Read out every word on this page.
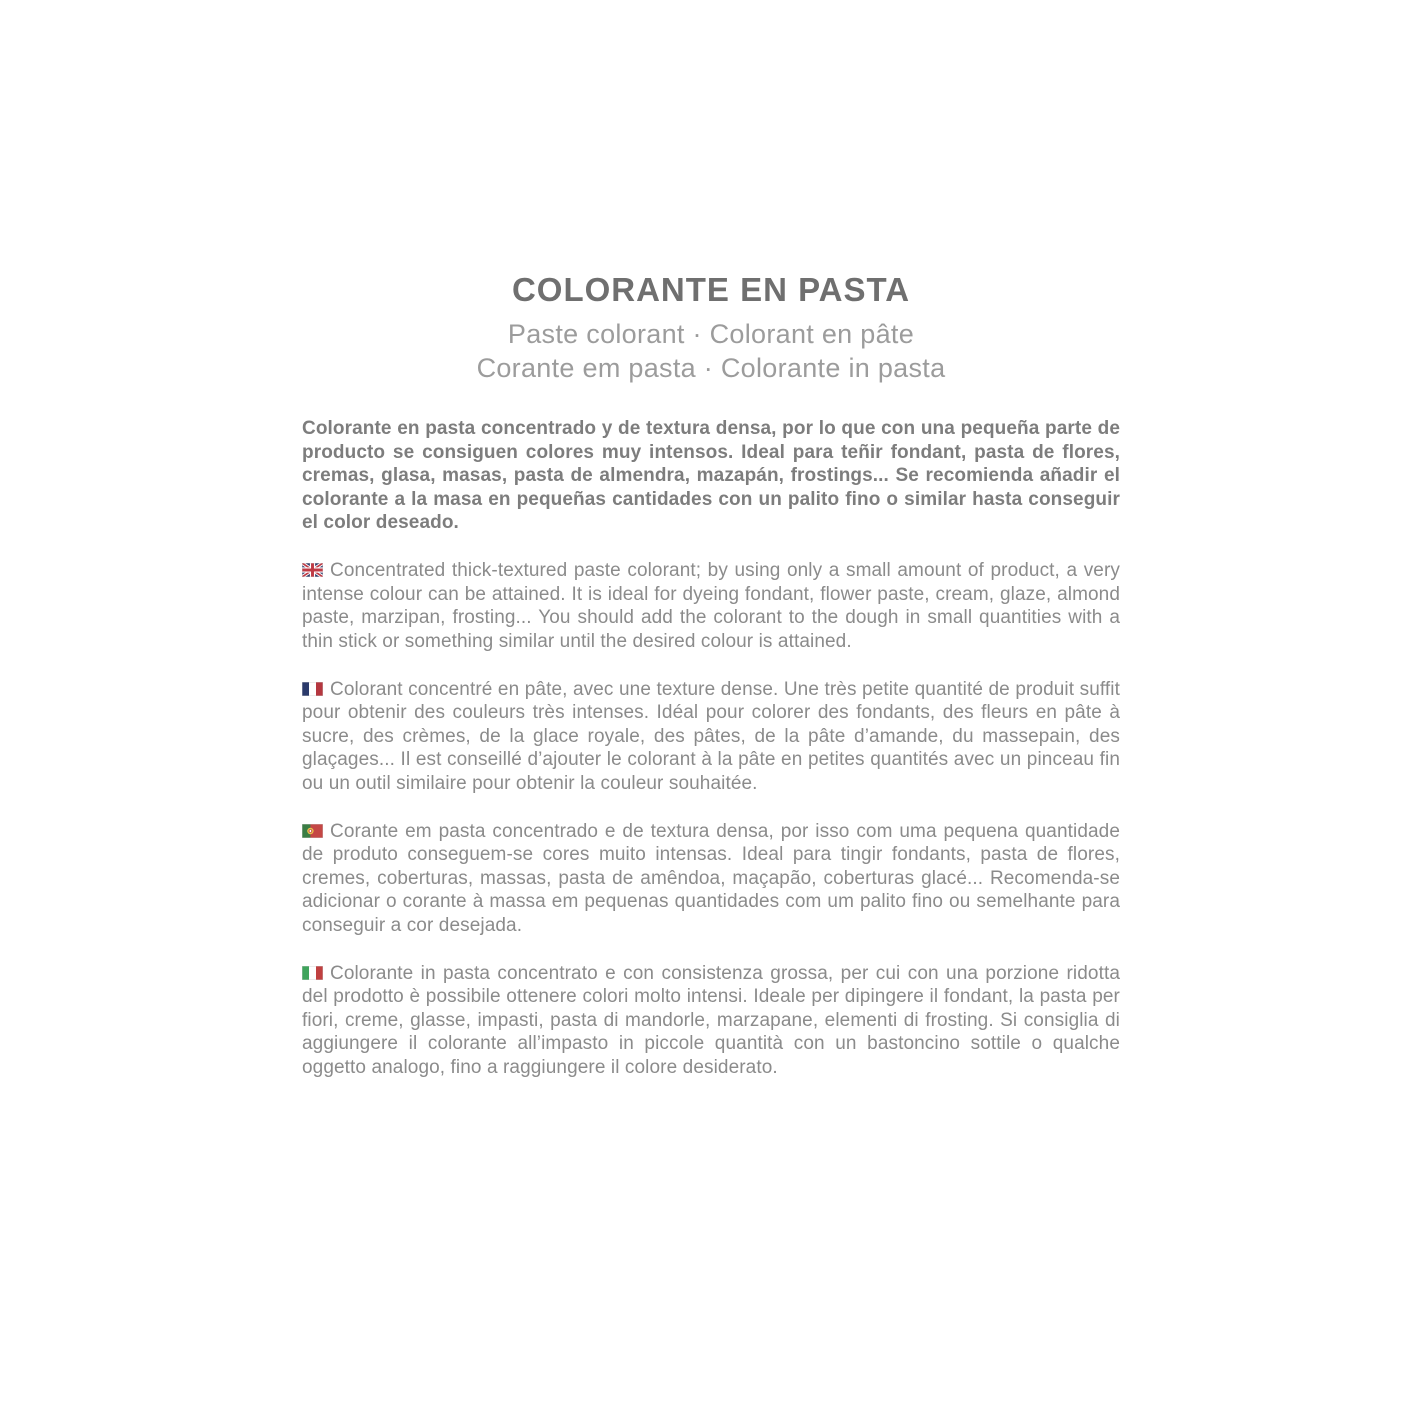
COLORANTE EN PASTA

Paste colorant · Colorant en pâte

Corante em pasta · Colorante in pasta

Colorante en pasta concentrado y de textura densa, por lo que con una pequeña parte de producto se consiguen colores muy intensos. Ideal para teñir fondant, pasta de flores, cremas, glasa, masas, pasta de almendra, mazapán, frostings... Se recomienda añadir el colorante a la masa en pequeñas cantidades con un palito fino o similar hasta conseguir el color deseado.

Concentrated thick-textured paste colorant; by using only a small amount of product, a very intense colour can be attained. It is ideal for dyeing fondant, flower paste, cream, glaze, almond paste, marzipan, frosting... You should add the colorant to the dough in small quantities with a thin stick or something similar until the desired colour is attained.

Colorant concentré en pâte, avec une texture dense. Une très petite quantité de produit suffit pour obtenir des couleurs très intenses. Idéal pour colorer des fondants, des fleurs en pâte à sucre, des crèmes, de la glace royale, des pâtes, de la pâte d’amande, du massepain, des glaçages... Il est conseillé d’ajouter le colorant à la pâte en petites quantités avec un pinceau fin ou un outil similaire pour obtenir la couleur souhaitée.

Corante em pasta concentrado e de textura densa, por isso com uma pequena quantidade de produto conseguem-se cores muito intensas. Ideal para tingir fondants, pasta de flores, cremes, coberturas, massas, pasta de amêndoa, maçapão, coberturas glacé... Recomenda-se adicionar o corante à massa em pequenas quantidades com um palito fino ou semelhante para conseguir a cor desejada.

Colorante in pasta concentrato e con consistenza grossa, per cui con una porzione ridotta del prodotto è possibile ottenere colori molto intensi. Ideale per dipingere il fondant, la pasta per fiori, creme, glasse, impasti, pasta di mandorle, marzapane, elementi di frosting. Si consiglia di aggiungere il colorante all’impasto in piccole quantità con un bastoncino sottile o qualche oggetto analogo, fino a raggiungere il colore desiderato.
